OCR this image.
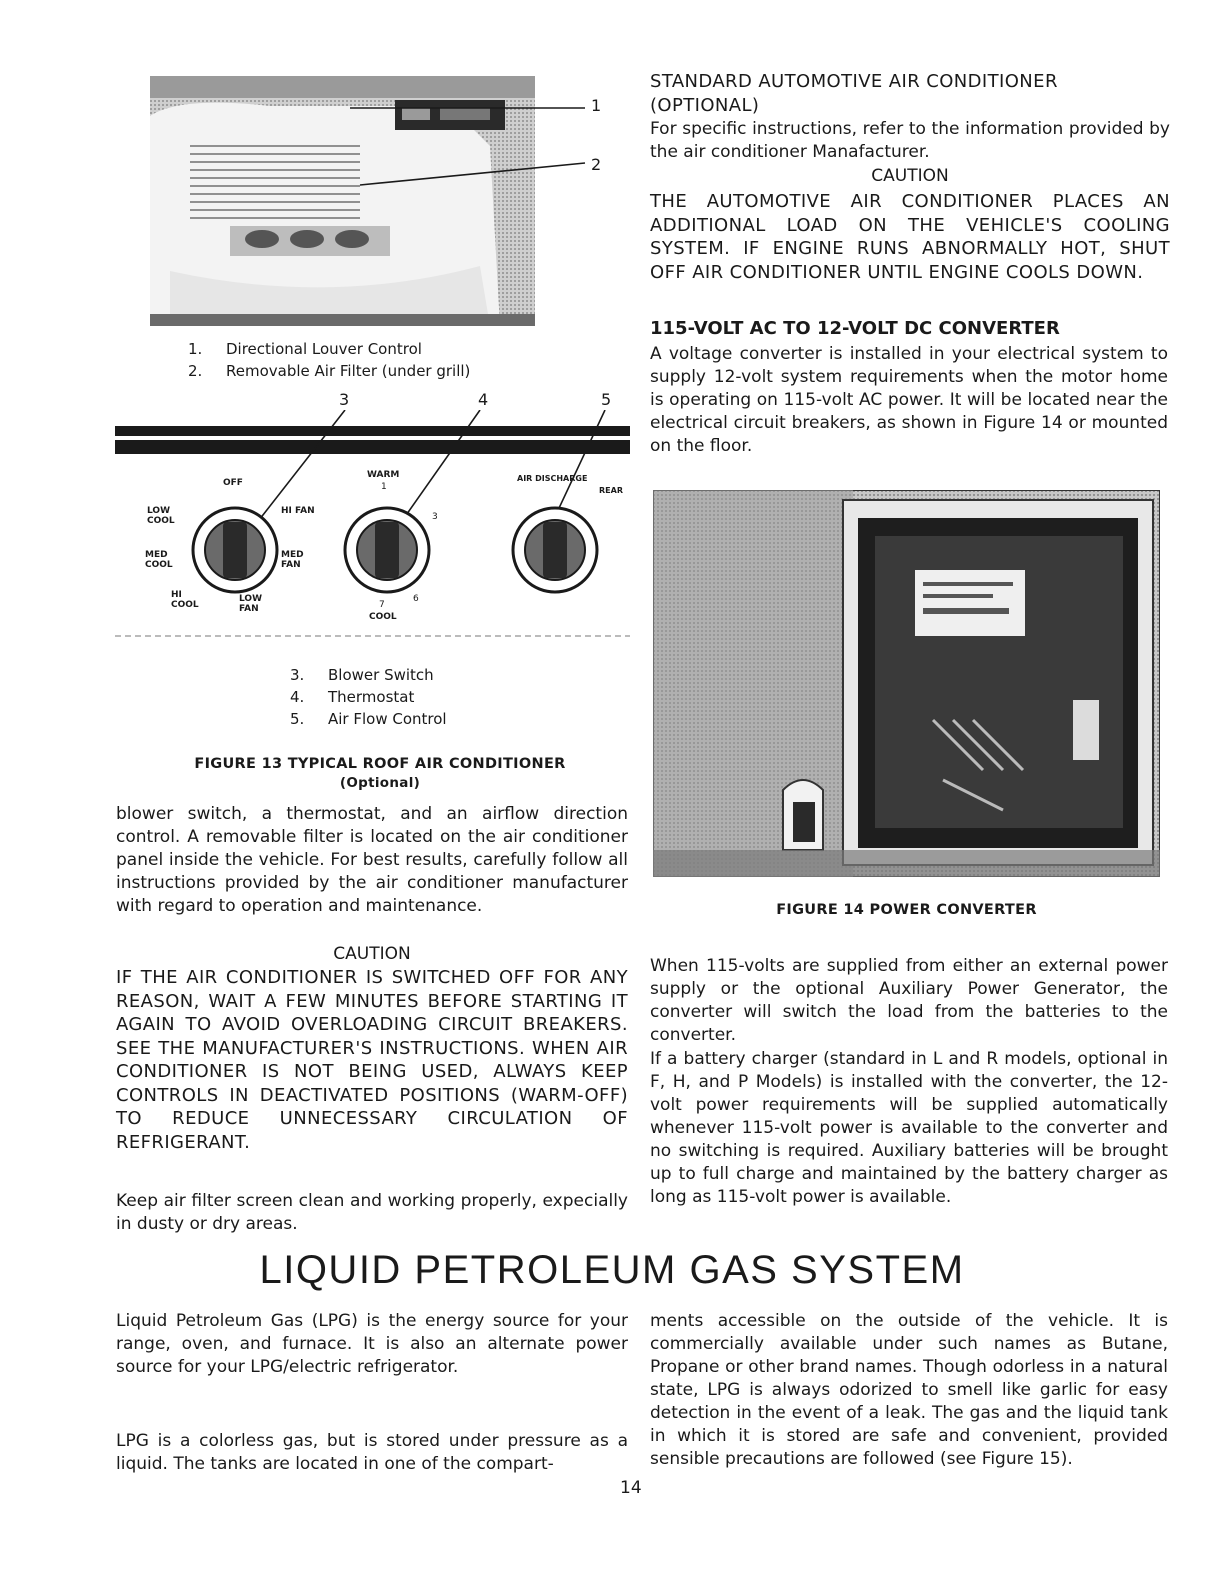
1
2
1. Directional Louver Control
2. Removable Air Filter (under grill)
3	4	5
OFF
LOW COOL
MED COOL
HI COOL
LOW FAN
MED FAN
HI FAN
WARM
1
3
6
7
COOL
AIR DISCHARGE
REAR
3. Blower Switch
4. Thermostat
5. Air Flow Control
FIGURE 13 TYPICAL ROOF AIR CONDITIONER
(Optional)
blower switch, a thermostat, and an airflow direction control. A removable filter is located on the air conditioner panel inside the vehicle. For best results, carefully follow all instructions provided by the air conditioner manufacturer with regard to operation and maintenance.
CAUTION
IF THE AIR CONDITIONER IS SWITCHED OFF FOR ANY REASON, WAIT A FEW MINUTES BEFORE STARTING IT AGAIN TO AVOID OVERLOADING CIRCUIT BREAKERS. SEE THE MANUFACTURER'S INSTRUCTIONS. WHEN AIR CONDITIONER IS NOT BEING USED, ALWAYS KEEP CONTROLS IN DEACTIVATED POSITIONS (WARM-OFF) TO REDUCE UNNECESSARY CIRCULATION OF REFRIGERANT.
Keep air filter screen clean and working properly, expecially in dusty or dry areas.
STANDARD AUTOMOTIVE AIR CONDITIONER (OPTIONAL)
For specific instructions, refer to the information provided by the air conditioner Manafacturer.
CAUTION
THE AUTOMOTIVE AIR CONDITIONER PLACES AN ADDITIONAL LOAD ON THE VEHICLE'S COOLING SYSTEM. IF ENGINE RUNS ABNORMALLY HOT, SHUT OFF AIR CONDITIONER UNTIL ENGINE COOLS DOWN.
115-VOLT AC TO 12-VOLT DC CONVERTER
A voltage converter is installed in your electrical system to supply 12-volt system requirements when the motor home is operating on 115-volt AC power. It will be located near the electrical circuit breakers, as shown in Figure 14 or mounted on the floor.
FIGURE 14 POWER CONVERTER
When 115-volts are supplied from either an external power supply or the optional Auxiliary Power Generator, the converter will switch the load from the batteries to the converter.
If a battery charger (standard in L and R models, optional in F, H, and P Models) is installed with the converter, the 12-volt power requirements will be supplied automatically whenever 115-volt power is available to the converter and no switching is required. Auxiliary batteries will be brought up to full charge and maintained by the battery charger as long as 115-volt power is available.
LIQUID PETROLEUM GAS SYSTEM
Liquid Petroleum Gas (LPG) is the energy source for your range, oven, and furnace. It is also an alternate power source for your LPG/electric refrigerator.
LPG is a colorless gas, but is stored under pressure as a liquid. The tanks are located in one of the compart-
ments accessible on the outside of the vehicle. It is commercially available under such names as Butane, Propane or other brand names. Though odorless in a natural state, LPG is always odorized to smell like garlic for easy detection in the event of a leak. The gas and the liquid tank in which it is stored are safe and convenient, provided sensible precautions are followed (see Figure 15).
14
